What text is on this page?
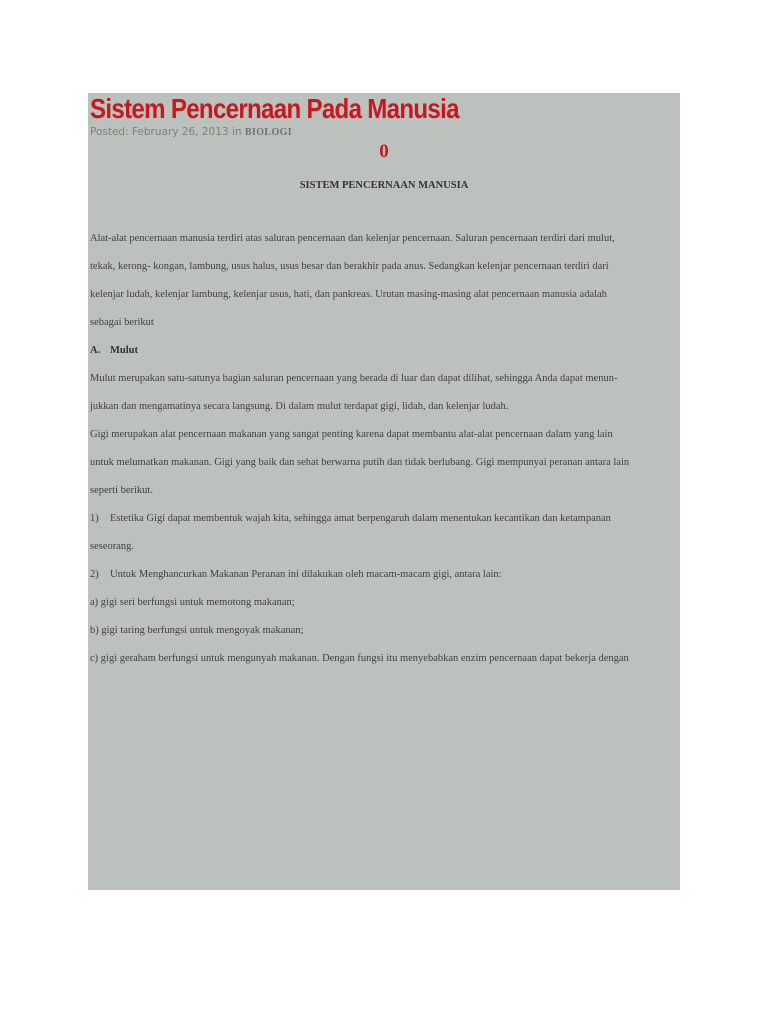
Sistem Pencernaan Pada Manusia
Posted: February 26, 2013 in BIOLOGI
0
SISTEM PENCERNAAN MANUSIA
Alat-alat pencernaan manusia terdiri atas saluran pencernaan dan kelenjar pencernaan. Saluran pencernaan terdiri dari mulut,
tekak, kerong- kongan, lambung, usus halus, usus besar dan berakhir pada anus. Sedangkan kelenjar pencernaan terdiri dari
kelenjar ludah, kelenjar lambung, kelenjar usus, hati, dan pankreas. Urutan masing-masing alat pencernaan manusia adalah
sebagai berikut
A. Mulut
Mulut merupakan satu-satunya bagian saluran pencernaan yang berada di luar dan dapat dilihat, sehingga Anda dapat menun-
jukkan dan mengamatinya secara langsung. Di dalam mulut terdapat gigi, lidah, dan kelenjar ludah.
Gigi merupakan alat pencernaan makanan yang sangat penting karena dapat membantu alat-alat pencernaan dalam yang lain
untuk melumatkan makanan. Gigi yang baik dan sehat berwarna putih dan tidak berlubang. Gigi mempunyai peranan antara lain
seperti berikut.
1) Estetika Gigi dapat membentuk wajah kita, sehingga amat berpengaruh dalam menentukan kecantikan dan ketampanan
seseorang.
2) Untuk Menghancurkan Makanan Peranan ini dilakukan oleh macam-macam gigi, antara lain:
a) gigi seri berfungsi untuk memotong makanan;
b) gigi taring berfungsi untuk mengoyak makanan;
c) gigi geraham berfungsi untuk mengunyah makanan. Dengan fungsi itu menyebabkan enzim pencernaan dapat bekerja dengan
